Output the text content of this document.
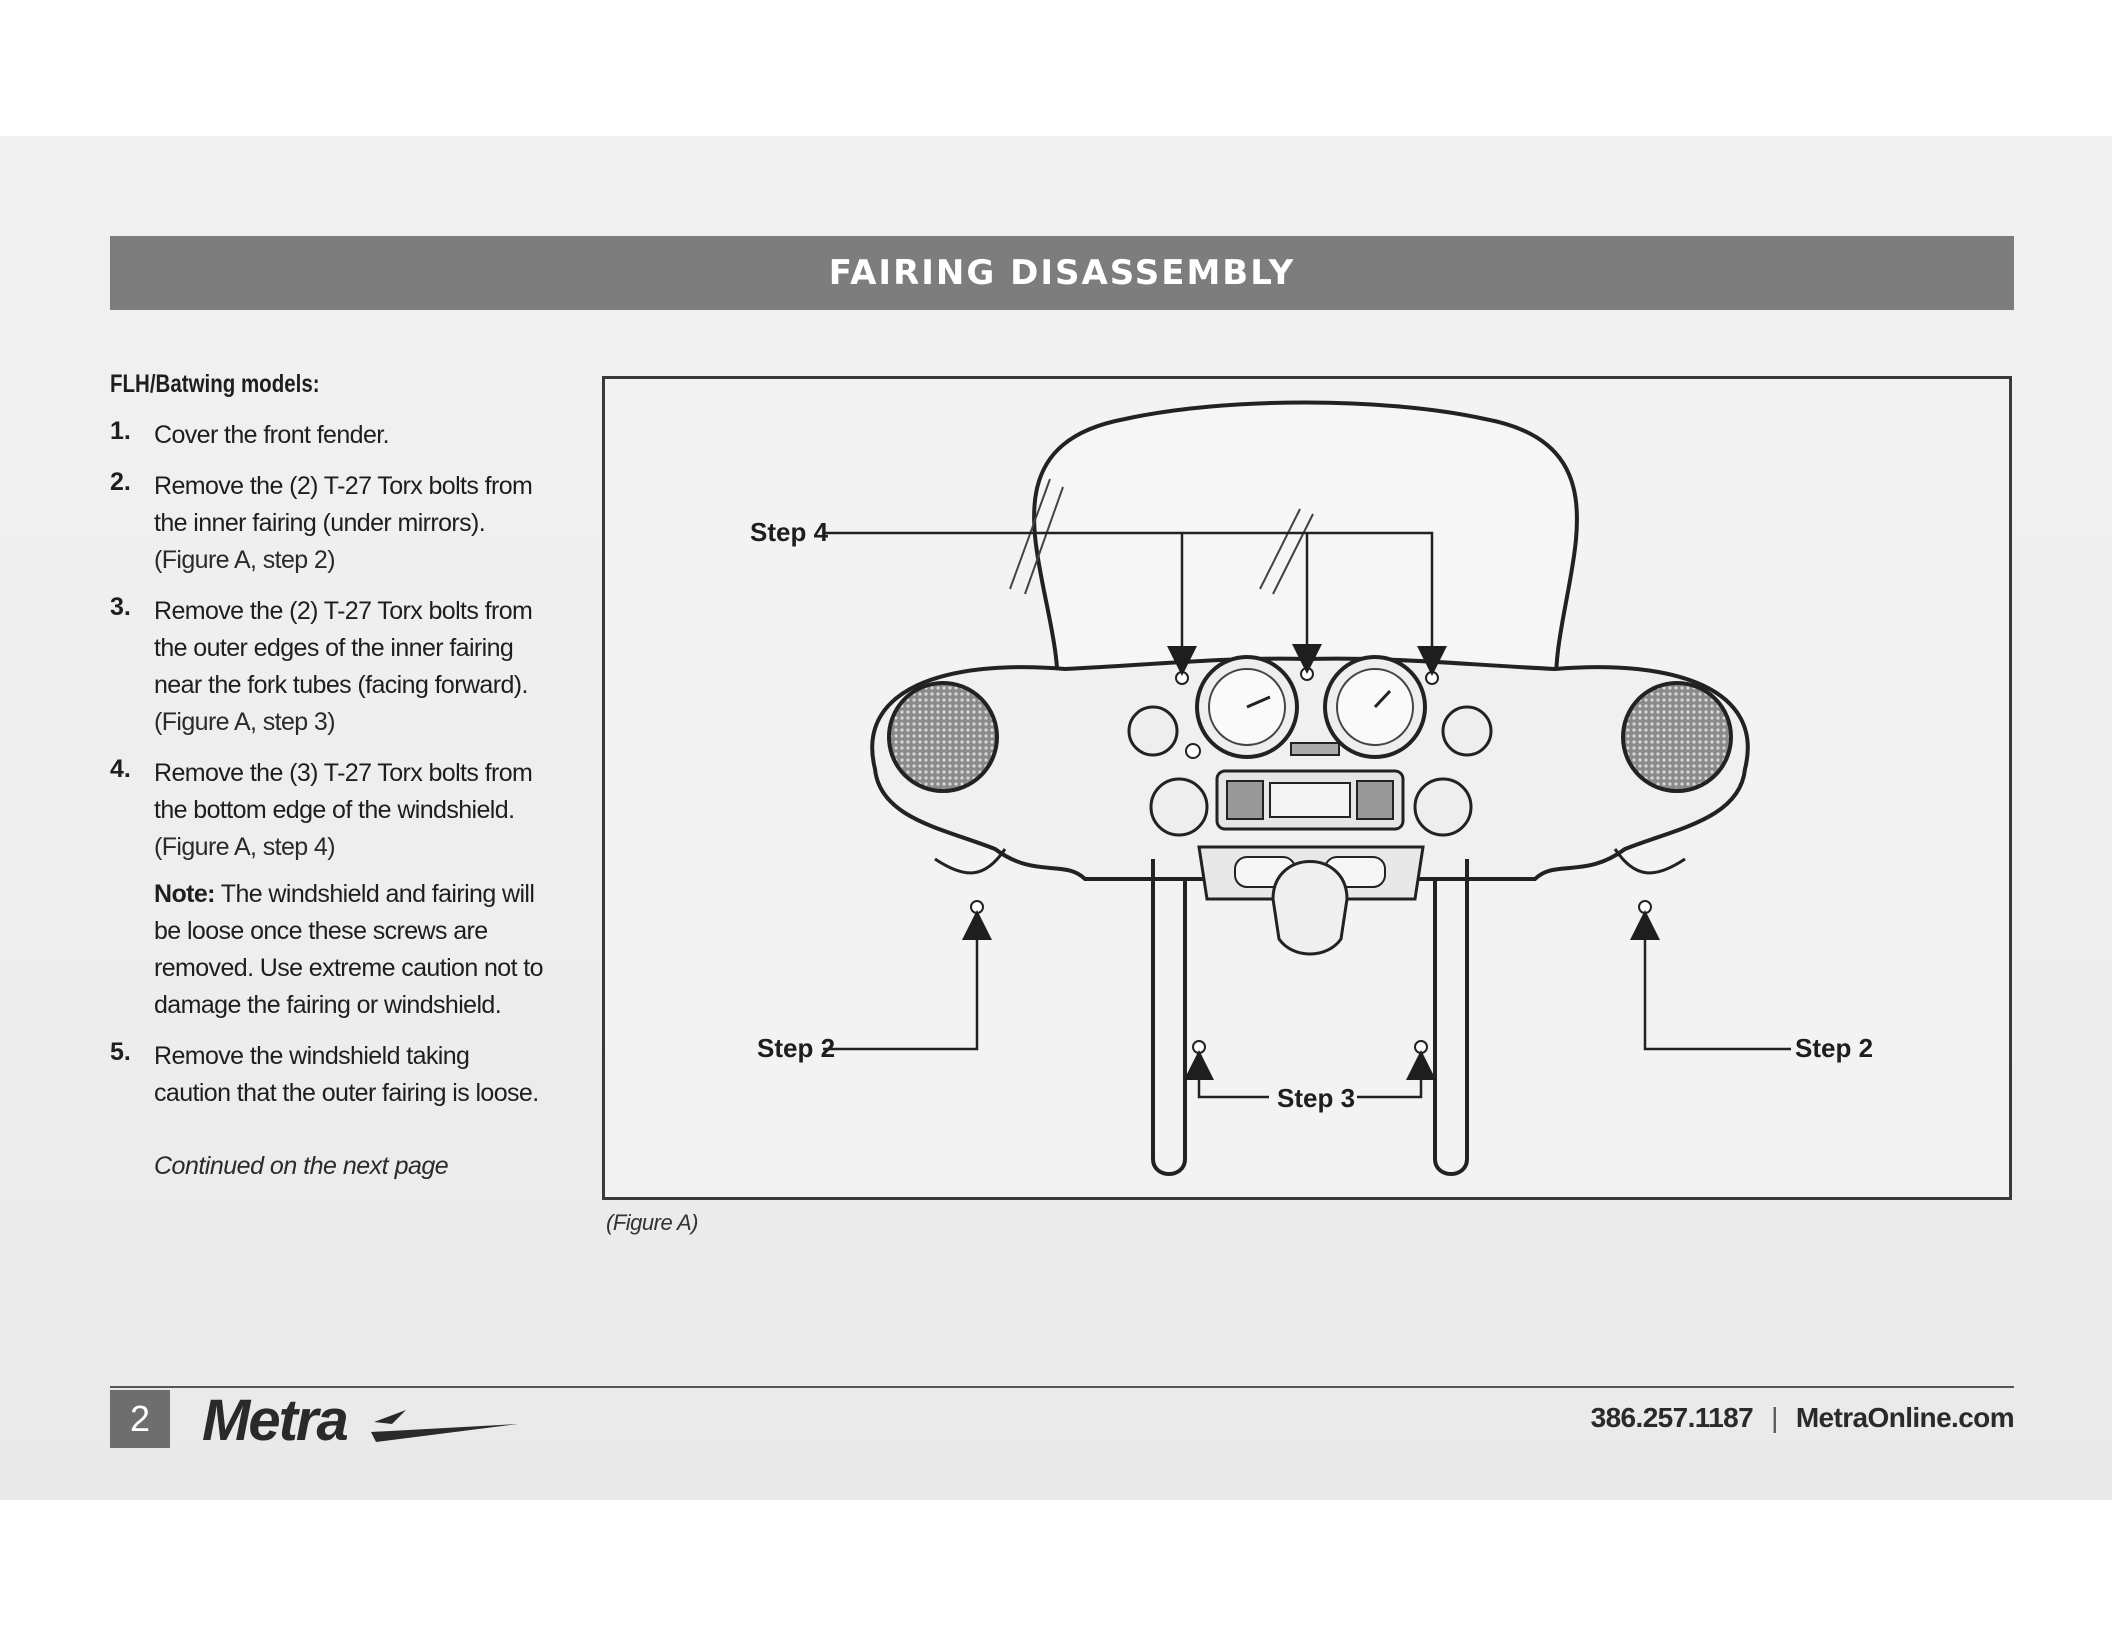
FAIRING DISASSEMBLY
FLH/Batwing models:
1. Cover the front fender.
2. Remove the (2) T-27 Torx bolts from the inner fairing (under mirrors).
(Figure A, step 2)
3. Remove the (2) T-27 Torx bolts from the outer edges of the inner fairing near the fork tubes (facing forward).
(Figure A, step 3)
4. Remove the (3) T-27 Torx bolts from the bottom edge of the windshield.
(Figure A, step 4)
Note: The windshield and fairing will be loose once these screws are removed. Use extreme caution not to damage the fairing or windshield.
5. Remove the windshield taking caution that the outer fairing is loose.
Continued on the next page
Step 4
Step 2	Step 2
Step 3
(Figure A)
2 Metra	386.257.1187 | MetraOnline.com
